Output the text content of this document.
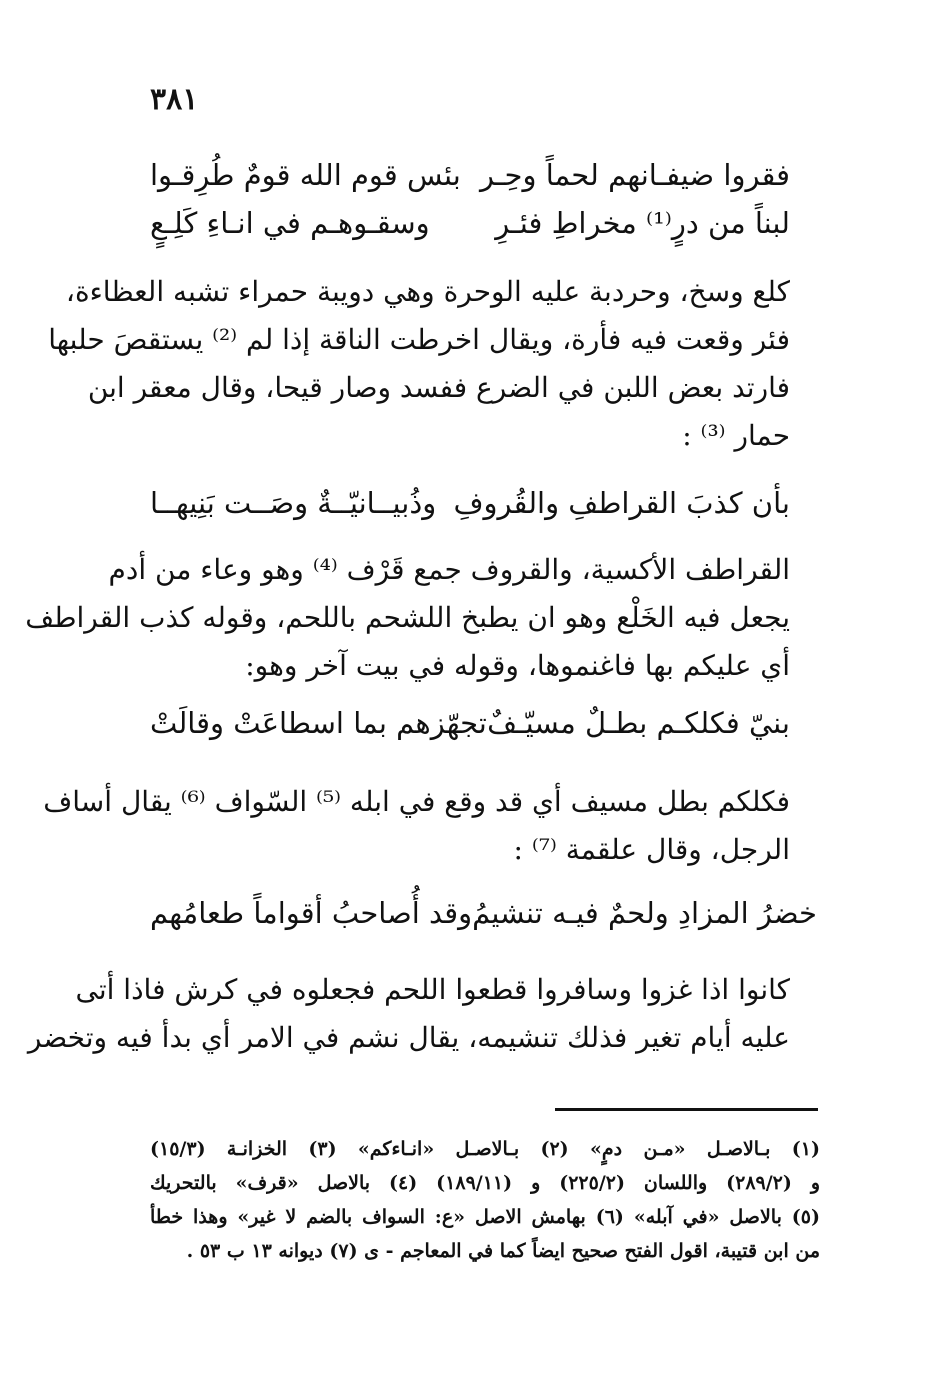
٣٨١
بئس قوم الله قومٌ طُرِقـوا فقروا ضيفـانهم لحماً وحِـر
وسقـوهـم في انـاءِ كَلِـعٍ لبناً من درٍ⁽¹⁾ مخراطِ فئـرِ
كلع وسخ، وحردبة عليه الوحرة وهي دويبة حمراء تشبه العظاءة،
فئر وقعت فيه فأرة، ويقال اخرطت الناقة إذا لم ⁽²⁾ يستقصَ حلبها
فارتد بعض اللبن في الضرع ففسد وصار قيحا، وقال معقر ابن
حمار ⁽³⁾ :
وذُبيــانيّــةٌ وصَــت بَنِيهــا بأن كذبَ القراطفِ والقُروفِ
القراطف الأكسية، والقروف جمع قَرْف ⁽⁴⁾ وهو وعاء من أدم
يجعل فيه الخَلْع وهو ان يطبخ اللشحم باللحم، وقوله كذب القراطف
أي عليكم بها فاغنموها، وقوله في بيت آخر وهو:
تجهّزهم بما اسطاعَتْ وقالَتْ بنيّ فكلكـم بطـلٌ مسيّـفٌ
فكلكم بطل مسيف أي قد وقع في ابله ⁽⁵⁾ السّواف ⁽⁶⁾ يقال أساف
الرجل، وقال علقمة ⁽⁷⁾ :
وقد أُصاحبُ أقواماً طعامُهم خضرُ المزادِ ولحمٌ فيـه تنشيمُ
كانوا اذا غزوا وسافروا قطعوا اللحم فجعلوه في كرش فاذا أتى
عليه أيام تغير فذلك تنشيمه، يقال نشم في الامر أي بدأ فيه وتخضر
(١) بـالاصـل «مـن دمٍ» (٢) بـالاصـل «انـاءكم» (٣) الخزانـة (١٥/٣)
و (٢٨٩/٢) واللسان (٢٢٥/٢) و (١٨٩/١١) (٤) بالاصل «قرف» بالتحريك
(٥) بالاصل «في آبله» (٦) بهامش الاصل «ع: السواف بالضم لا غير» وهذا خطأ
من ابن قتيبة، اقول الفتح صحيح ايضاً كما في المعاجم - ى (٧) ديوانه ١٣ ب ٥٣ .
